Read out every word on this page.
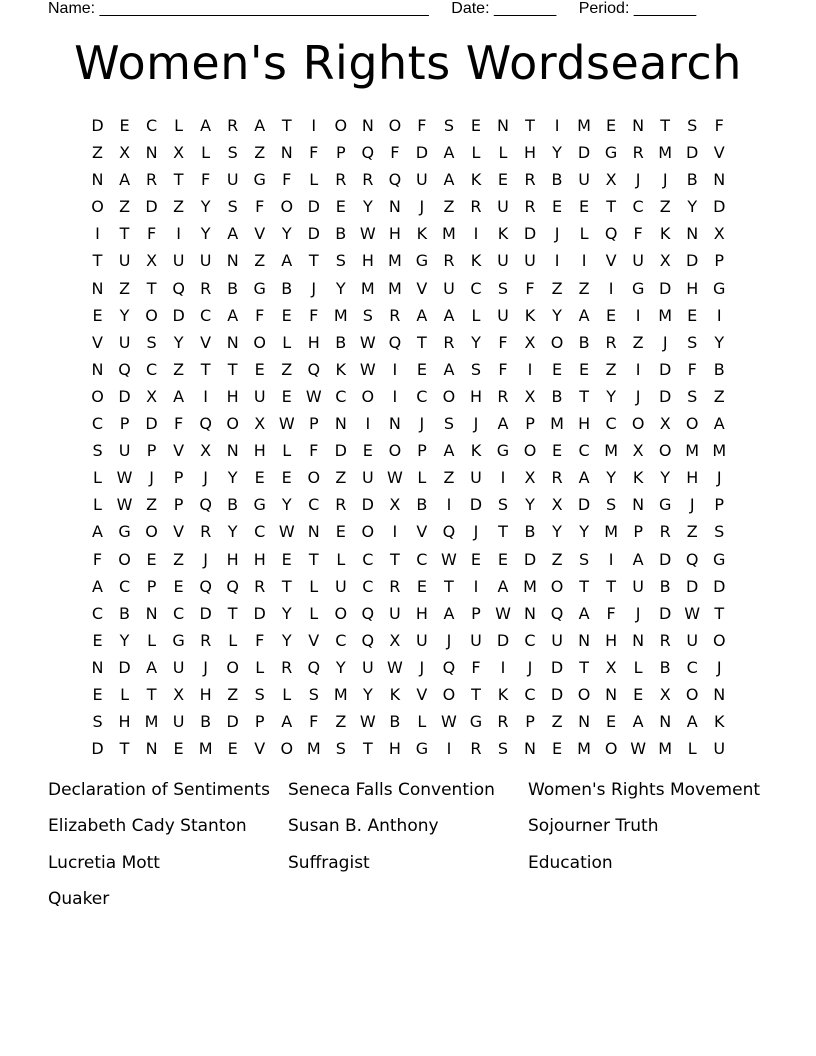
Name: _____________________________________ Date: _______ Period: _______
Women's Rights Wordsearch
D E	C	L	A	R A	T	I	O N O	F	S	E	N	T	I	M E	N	T	S	F
Z	X N X	L	S	Z N	F	P Q	F	D A	L	L	H	Y D G R M D V
N A	R	T	F	U G	F	L	R R Q U A	K	E	R B U X	J	J	B N
O Z D Z	Y	S	F	O D E	Y	N	J	Z R U R	E	E	T	C Z	Y D
I	T	F	I	Y	A	V	Y D B W H K M	I	K D	J	L	Q	F	K N X
T	U X U U N Z	A	T	S H M G R	K U U	I	I	V U X D	P
N Z	T Q R B G B	J	Y M M V U C	S	F	Z	Z	I	G D H G
E	Y O D C A	F	E	F M S	R A	A	L	U K	Y	A	E	I	M E	I
V U	S	Y	V N O	L	H B W Q T	R	Y	F	X O B R Z	J	S	Y
N Q C Z	T	T	E	Z Q K W	I	E	A	S	F	I	E	E	Z	I	D	F	B
O D X	A	I	H U	E W C O	I	C O H R X	B	T	Y	J	D S	Z
C	P	D	F	Q O X W P	N	I	N	J	S	J	A	P M H C O X O A
S	U	P	V	X N H	L	F	D E O P	A	K G O E	C M X O M M
L W	J	P	J	Y	E	E O Z U W L	Z U	I	X R A	Y	K	Y	H	J
L W Z	P Q B G Y	C R D X	B	I	D S	Y	X D S N G	J	P
A G O V	R	Y	C W N E O	I	V Q	J	T	B	Y	Y M P	R Z	S
F	O E	Z	J	H H E	T	L	C	T	C W E	E D Z	S	I	A D Q G
A C	P	E Q Q R	T	L	U C R	E	T	I	A M O T	T	U B D D
C B N C D T D Y	L	O Q U H A	P W N Q A	F	J	D W T
E	Y	L	G R	L	F	Y	V C Q X U	J	U D C U N H N R U O
N D A U	J	O	L	R Q Y	U W	J	Q	F	I	J	D T	X	L	B C	J
E	L	T	X H Z	S	L	S M Y	K	V O T	K	C D O N E	X O N
S H M U B D	P	A	F	Z W B	L W G R	P	Z N E	A N A	K
D T	N E M E	V O M S	T	H G	I	R	S N E M O W M L	U
Declaration of Sentiments	Seneca Falls Convention	Women's Rights Movement
Elizabeth Cady Stanton	Susan B. Anthony	Sojourner Truth
Lucretia Mott	Suffragist	Education
Quaker
